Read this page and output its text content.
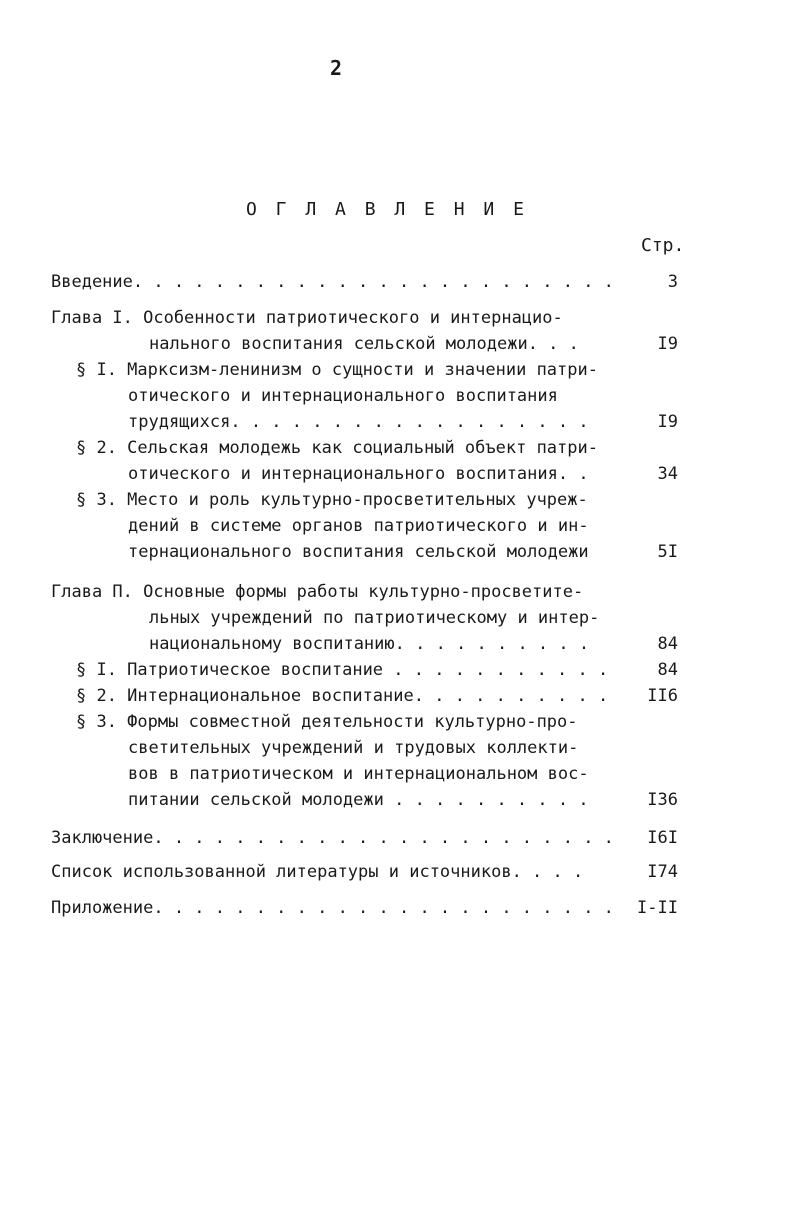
2
О Г Л А В Л Е Н И Е
Стр.
Введение. . . . . . . . . . . . . . . . . . . . . . . .	3
Глава I. Особенности патриотического и интернацио-
нального воспитания сельской молодежи. . .	I9
§ I. Марксизм-ленинизм о сущности и значении патри-
отического и интернационального воспитания
трудящихся. . . . . . . . . . . . . . . . . .	I9
§ 2. Сельская молодежь как социальный объект патри-
отического и интернационального воспитания. .	34
§ 3. Место и роль культурно-просветительных учреж-
дений в системе органов патриотического и ин-
тернационального воспитания сельской молодежи	5I
Глава П. Основные формы работы культурно-просветите-
льных учреждений по патриотическому и интер-
национальному воспитанию. . . . . . . . . .	84
§ I. Патриотическое воспитание . . . . . . . . . . .	84
§ 2. Интернациональное воспитание. . . . . . . . . .	II6
§ 3. Формы совместной деятельности культурно-про-
светительных учреждений и трудовых коллекти-
вов в патриотическом и интернациональном вос-
питании сельской молодежи . . . . . . . . . .	I36
Заключение. . . . . . . . . . . . . . . . . . . . . . .	I6I
Список использованной литературы и источников. . . .	I74
Приложение. . . . . . . . . . . . . . . . . . . . . . .	I-II
